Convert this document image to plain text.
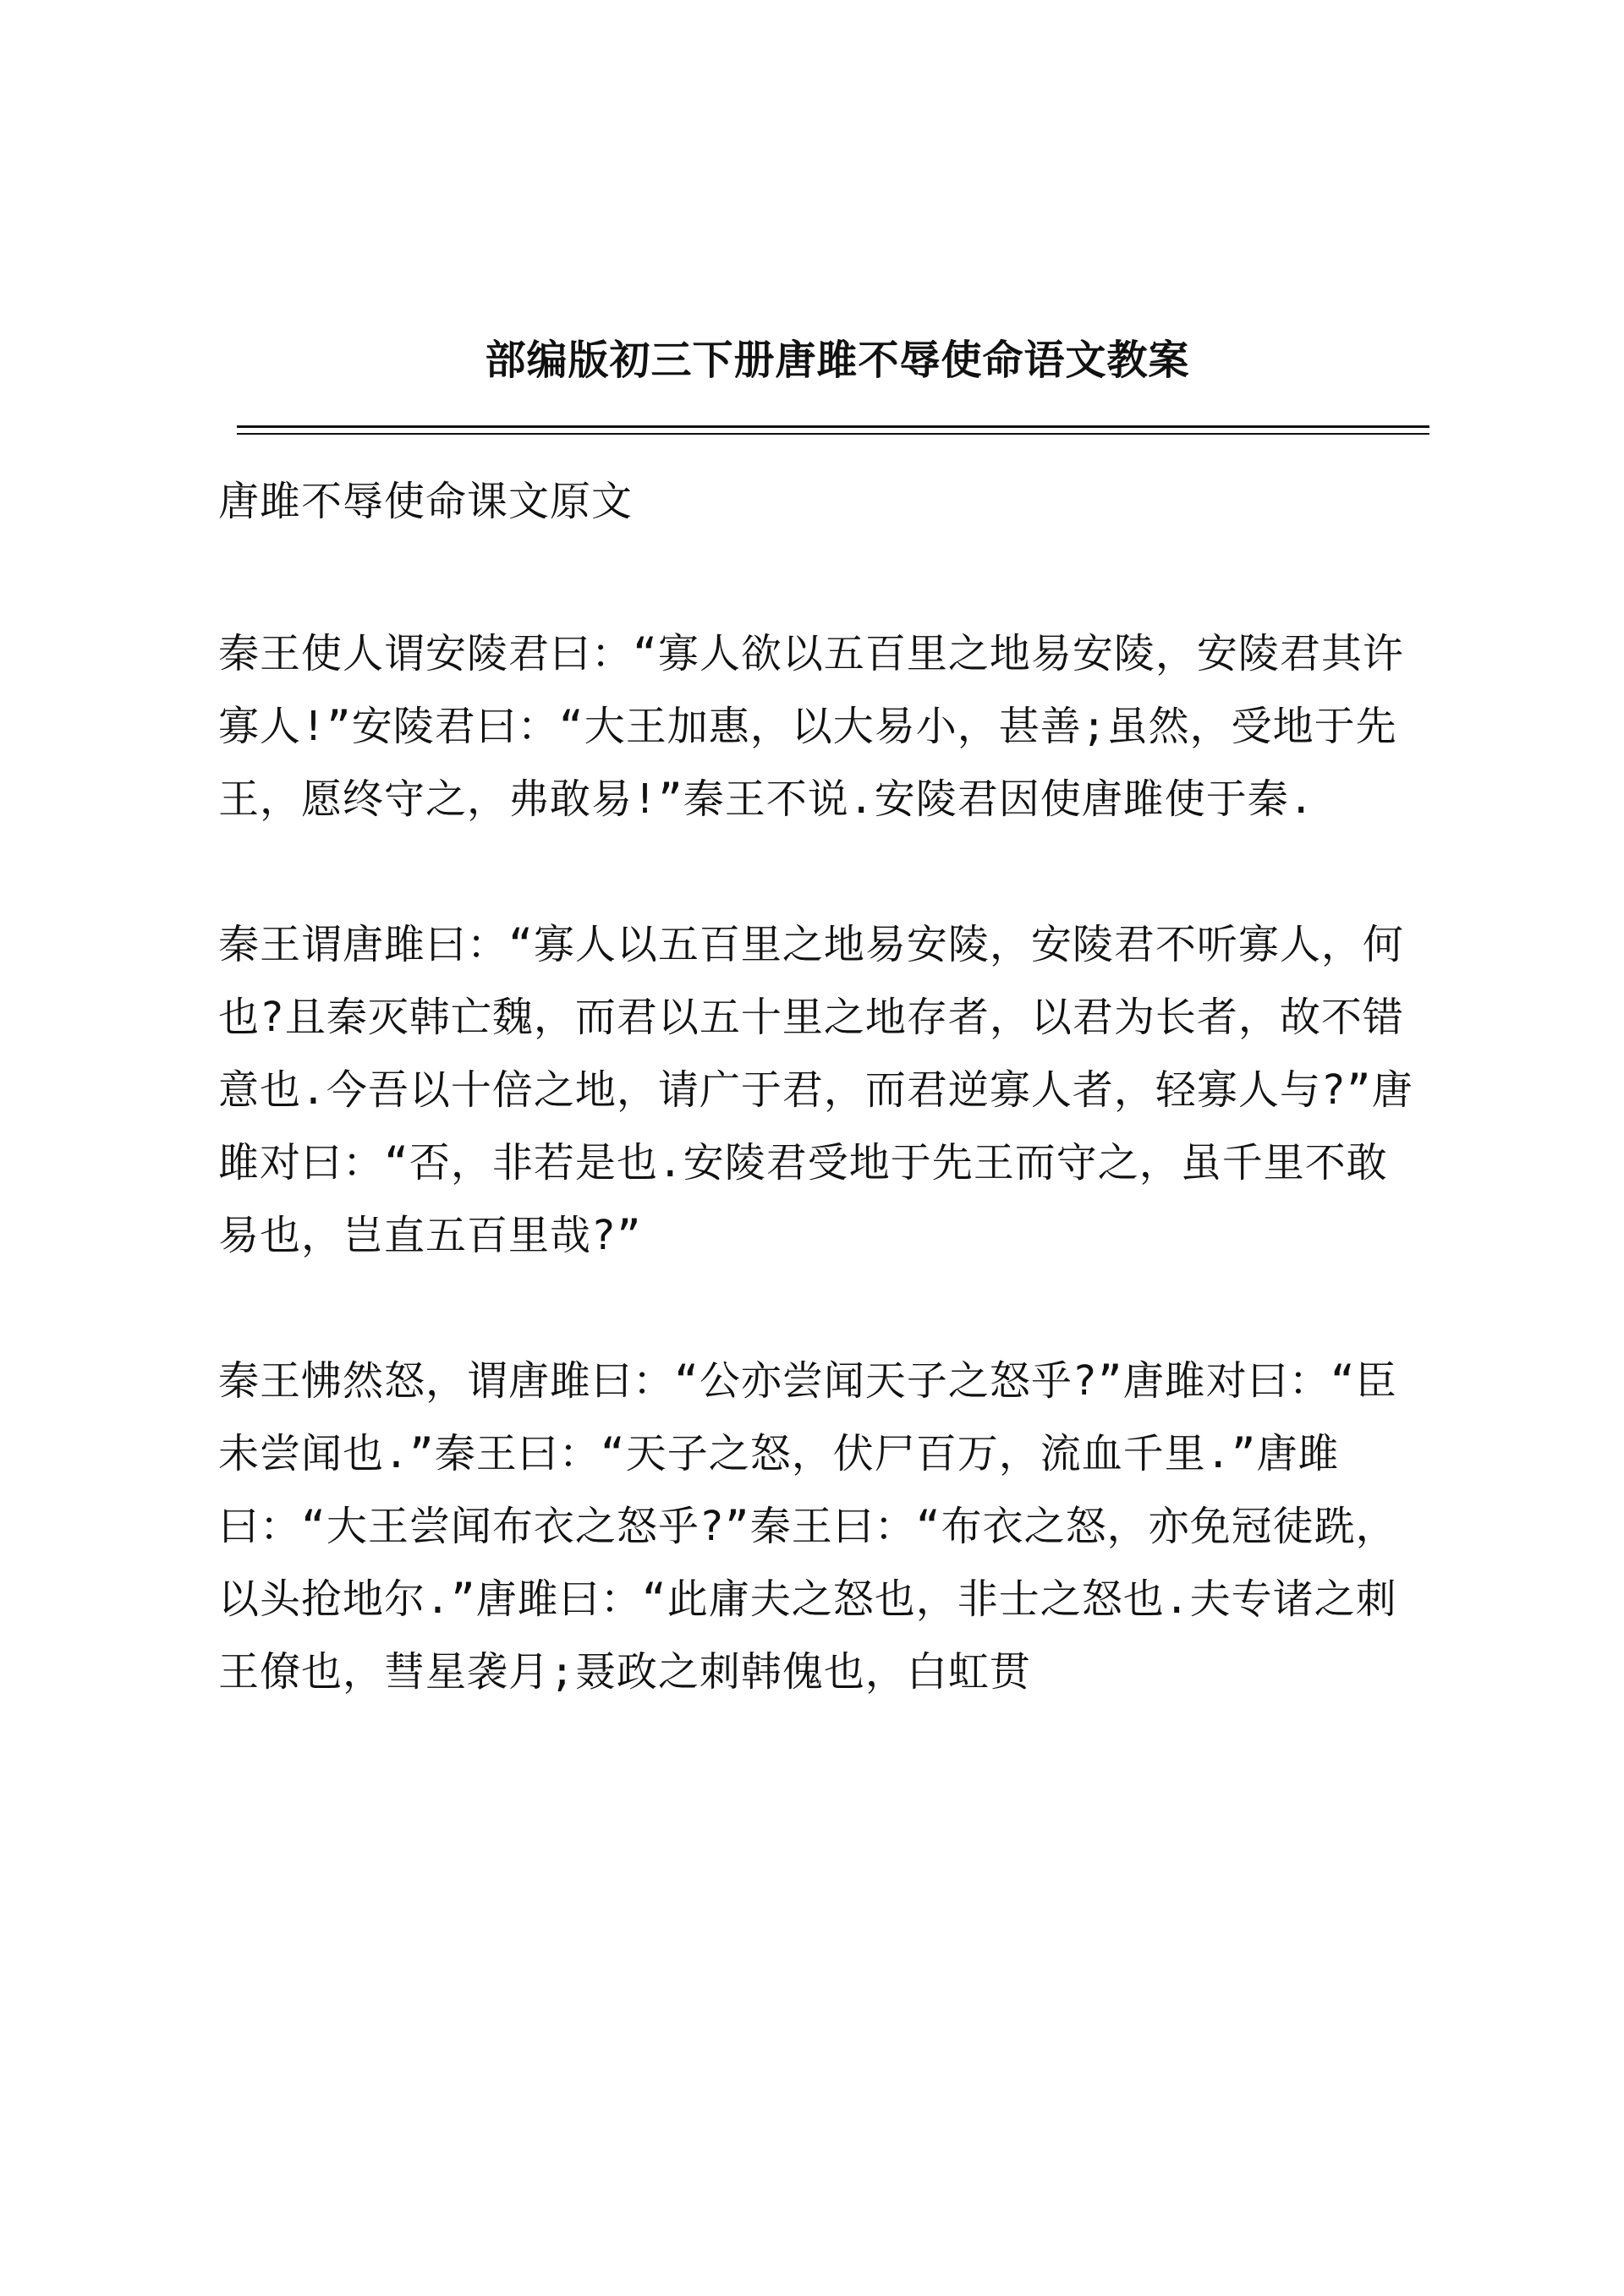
部编版初三下册唐雎不辱使命语文教案

唐雎不辱使命课文原文

秦王使人谓安陵君曰：“寡人欲以五百里之地易安陵，安陵君其许寡人!”安陵君曰：“大王加惠，以大易小，甚善;虽然，受地于先王，愿终守之，弗敢易!”秦王不说.安陵君因使唐雎使于秦.

秦王谓唐雎曰：“寡人以五百里之地易安陵，安陵君不听寡人，何也?且秦灭韩亡魏，而君以五十里之地存者，以君为长者，故不错意也.今吾以十倍之地，请广于君，而君逆寡人者，轻寡人与?”唐雎对曰：“否，非若是也.安陵君受地于先王而守之，虽千里不敢易也，岂直五百里哉?”

秦王怫然怒，谓唐雎曰：“公亦尝闻天子之怒乎?”唐雎对曰：“臣未尝闻也.”秦王曰：“天子之怒，伏尸百万，流血千里.”唐雎曰：“大王尝闻布衣之怒乎?”秦王曰：“布衣之怒，亦免冠徒跣，以头抢地尔.”唐雎曰：“此庸夫之怒也，非士之怒也.夫专诸之刺王僚也，彗星袭月;聂政之刺韩傀也，白虹贯
